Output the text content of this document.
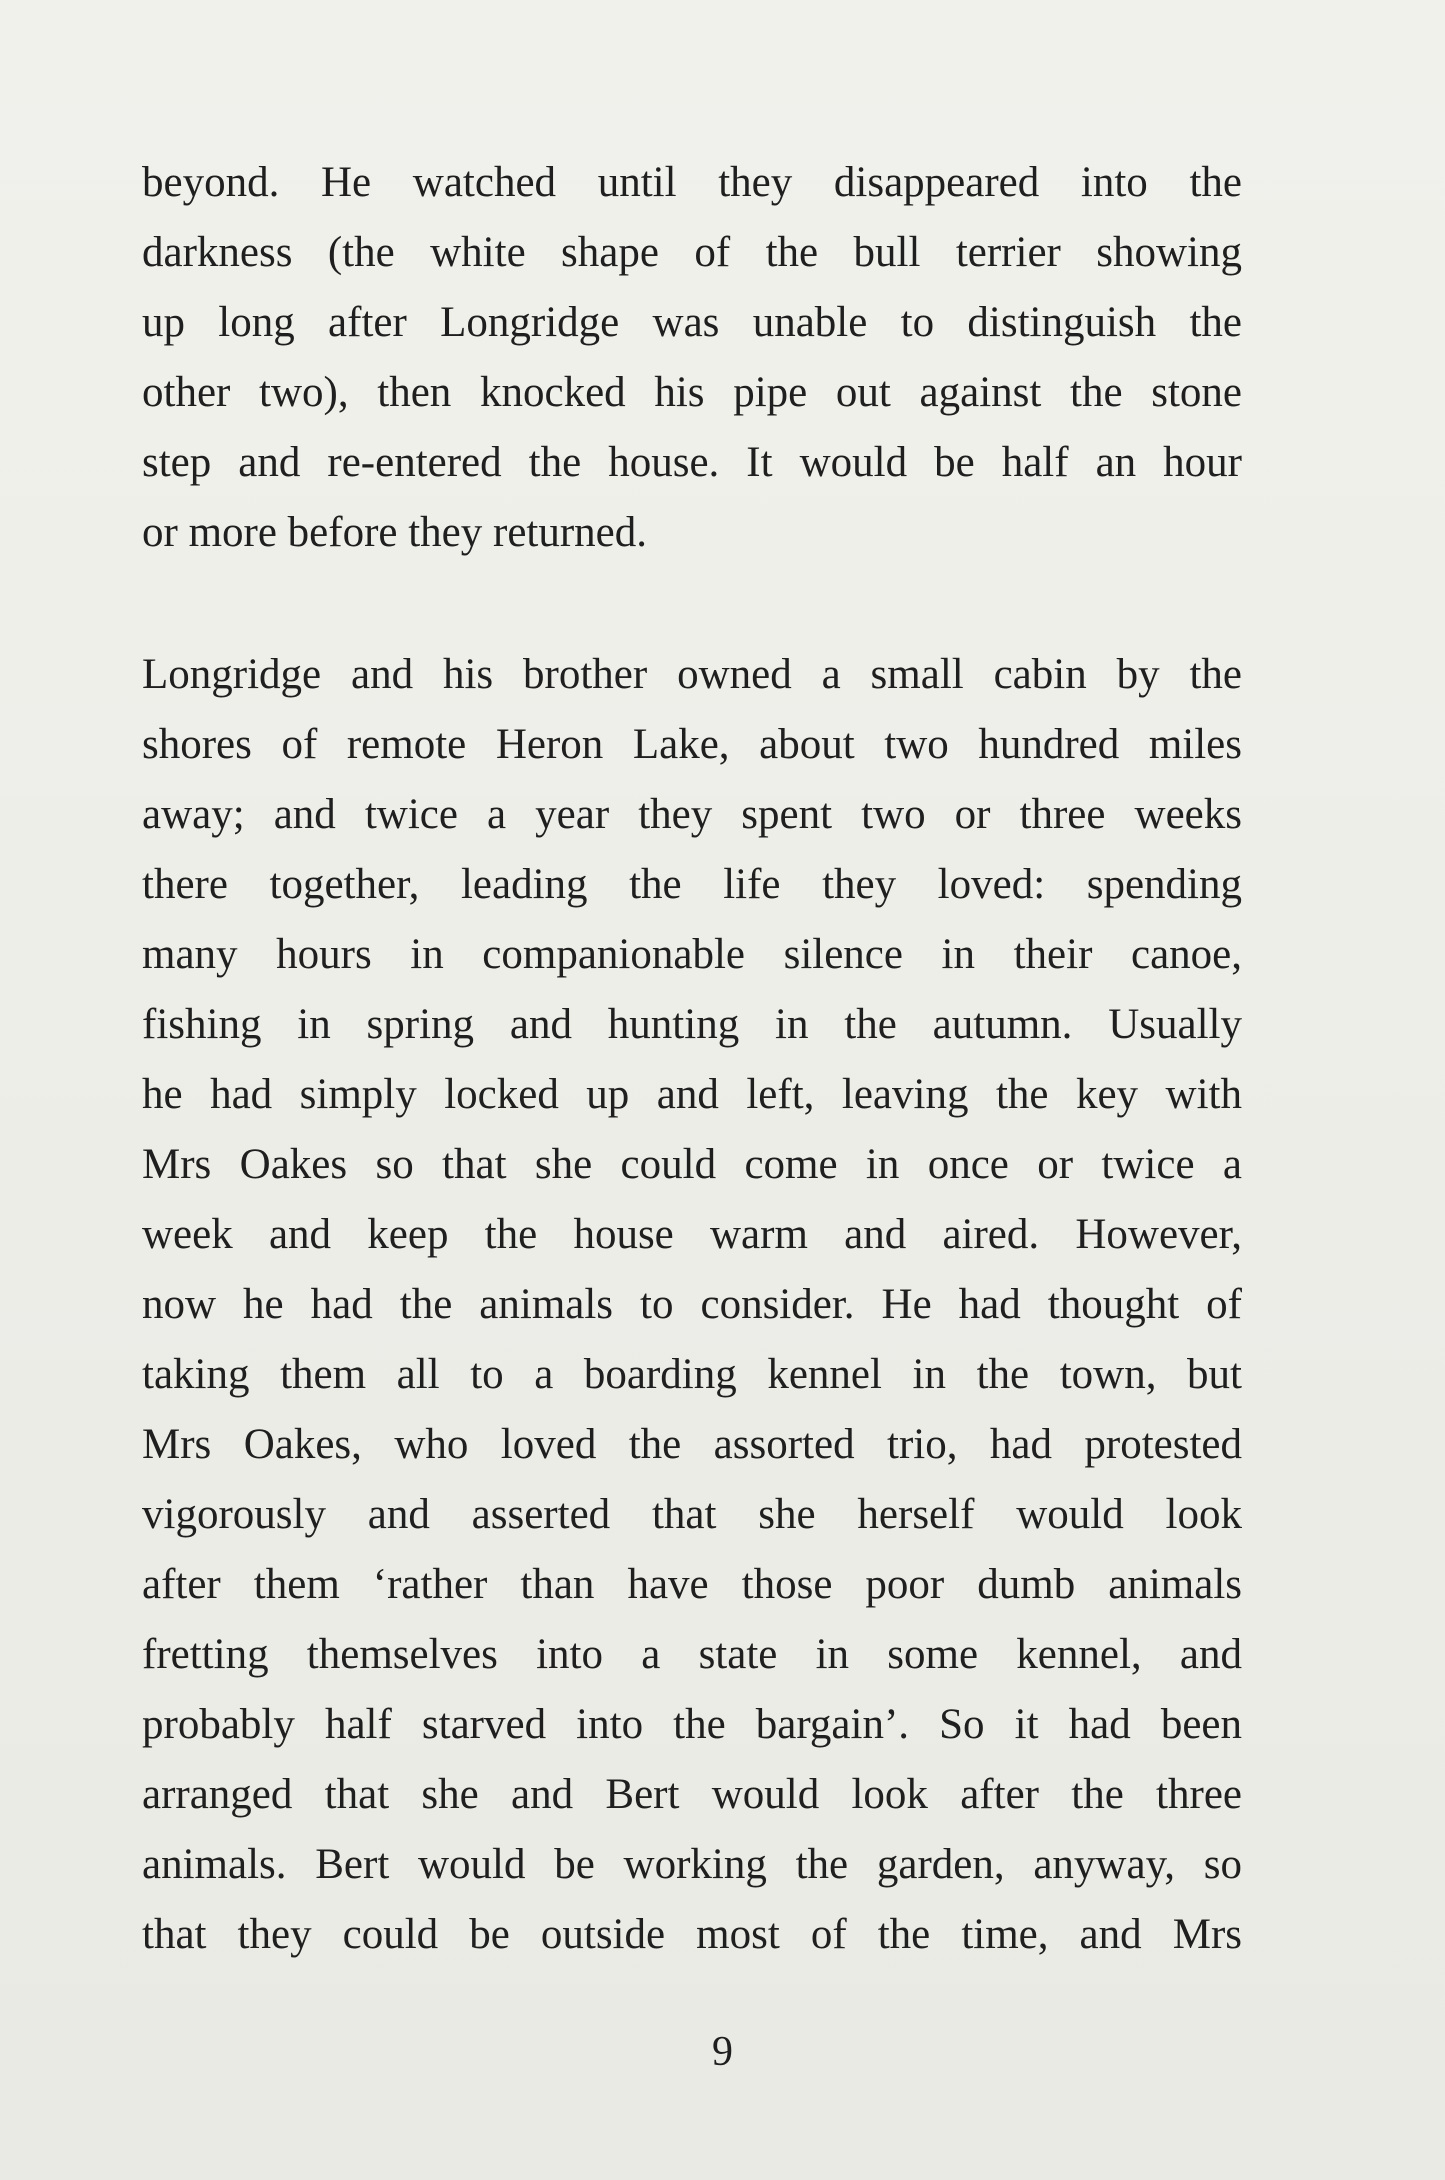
beyond. He watched until they disappeared into the
darkness (the white shape of the bull terrier showing
up long after Longridge was unable to distinguish the
other two), then knocked his pipe out against the stone
step and re-entered the house. It would be half an hour
or more before they returned.
Longridge and his brother owned a small cabin by the
shores of remote Heron Lake, about two hundred miles
away; and twice a year they spent two or three weeks
there together, leading the life they loved: spending
many hours in companionable silence in their canoe,
fishing in spring and hunting in the autumn. Usually
he had simply locked up and left, leaving the key with
Mrs Oakes so that she could come in once or twice a
week and keep the house warm and aired. However,
now he had the animals to consider. He had thought of
taking them all to a boarding kennel in the town, but
Mrs Oakes, who loved the assorted trio, had protested
vigorously and asserted that she herself would look
after them ‘rather than have those poor dumb animals
fretting themselves into a state in some kennel, and
probably half starved into the bargain’. So it had been
arranged that she and Bert would look after the three
animals. Bert would be working the garden, anyway, so
that they could be outside most of the time, and Mrs
9
